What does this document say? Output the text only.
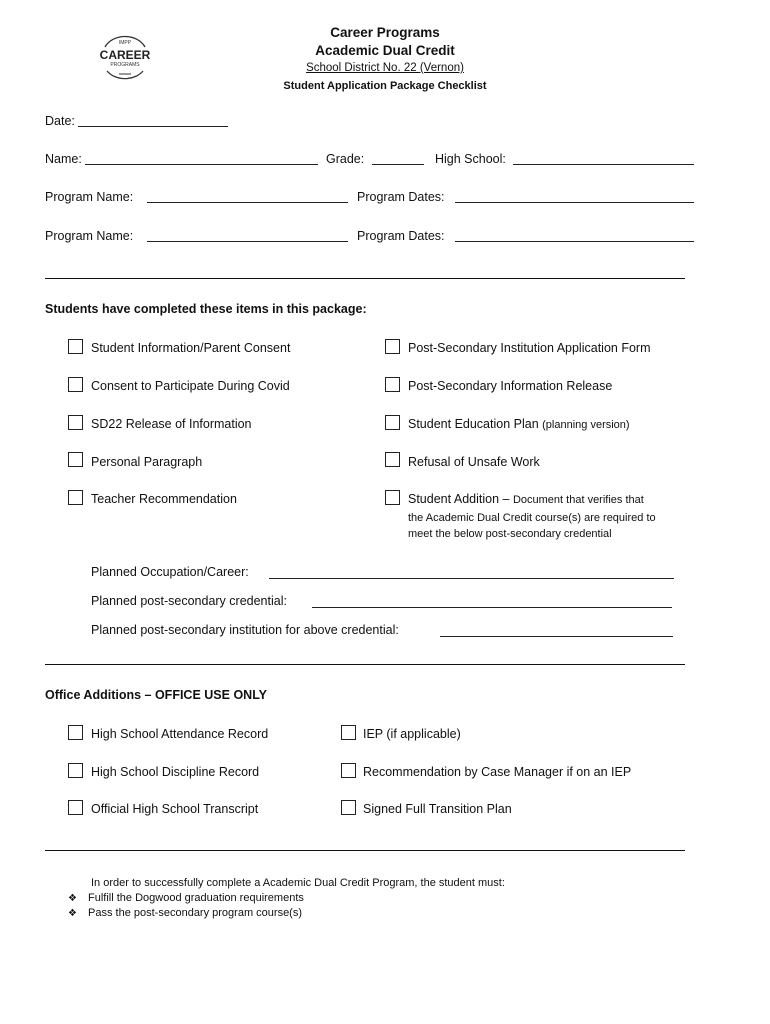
IMPP
CAREER
PROGRAMS
Career Programs
Academic Dual Credit
School District No. 22 (Vernon)
Student Application Package Checklist
Date:
Name:	Grade:	High School:
Program Name:	Program Dates:
Program Name:	Program Dates:
Students have completed these items in this package:
Student Information/Parent Consent
Consent to Participate During Covid
SD22 Release of Information
Personal Paragraph
Teacher Recommendation
Post-Secondary Institution Application Form
Post-Secondary Information Release
Student Education Plan (planning version)
Refusal of Unsafe Work
Student Addition – Document that verifies that
the Academic Dual Credit course(s) are required to
meet the below post-secondary credential
Planned Occupation/Career:
Planned post-secondary credential:
Planned post-secondary institution for above credential:
Office Additions – OFFICE USE ONLY
High School Attendance Record
High School Discipline Record
Official High School Transcript
IEP (if applicable)
Recommendation by Case Manager if on an IEP
Signed Full Transition Plan
In order to successfully complete a Academic Dual Credit Program, the student must:
❖ Fulfill the Dogwood graduation requirements
❖ Pass the post-secondary program course(s)
